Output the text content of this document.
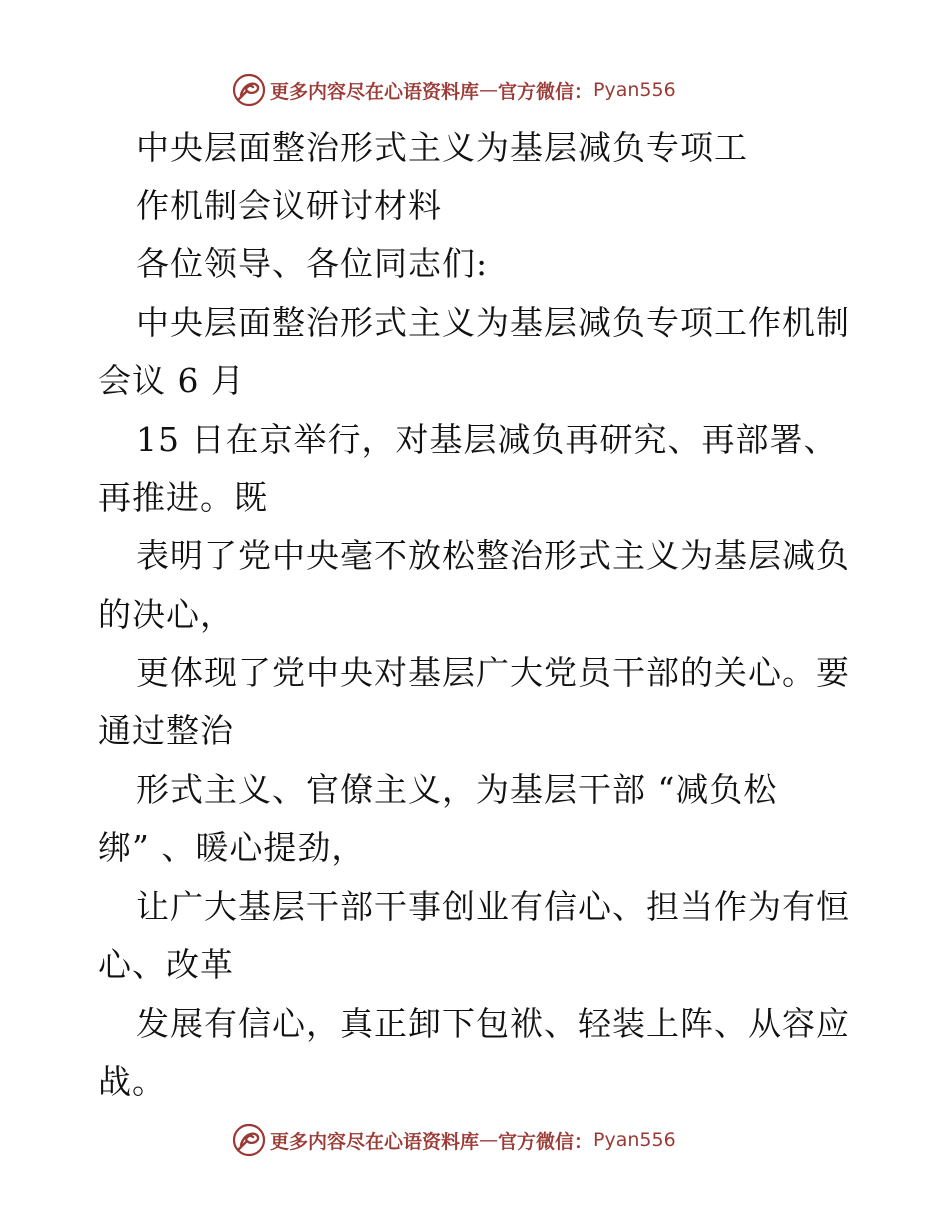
更多内容尽在心语资料库 — 官方微信： Pyan556
中央层面整治形式主义为基层减负专项工
作机制会议研讨材料
各位领导、各位同志们:
中央层面整治形式主义为基层减负专项工作机制
会议 6 月
15 日在京举行，对基层减负再研究、再部署、
再推进。既
表明了党中央毫不放松整治形式主义为基层减负
的决心，
更体现了党中央对基层广大党员干部的关心。要
通过整治
形式主义、官僚主义，为基层干部 “减负松
绑” 、暖心提劲，
让广大基层干部干事创业有信心、担当作为有恒
心、改革
发展有信心，真正卸下包袱、轻装上阵、从容应
战。
更多内容尽在心语资料库 — 官方微信： Pyan556
